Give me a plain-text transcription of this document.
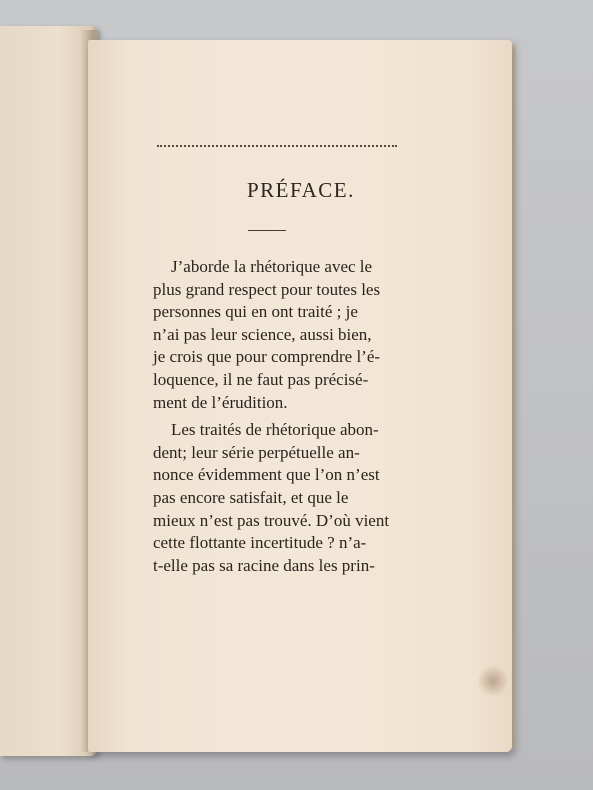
PRÉFACE.
J’aborde la rhétorique avec le
plus grand respect pour toutes les
personnes qui en ont traité ; je
n’ai pas leur science, aussi bien,
je crois que pour comprendre l’é-
loquence, il ne faut pas précisé-
ment de l’érudition.
Les traités de rhétorique abon-
dent; leur série perpétuelle an-
nonce évidemment que l’on n’est
pas encore satisfait, et que le
mieux n’est pas trouvé. D’où vient
cette flottante incertitude ? n’a-
t-elle pas sa racine dans les prin-
